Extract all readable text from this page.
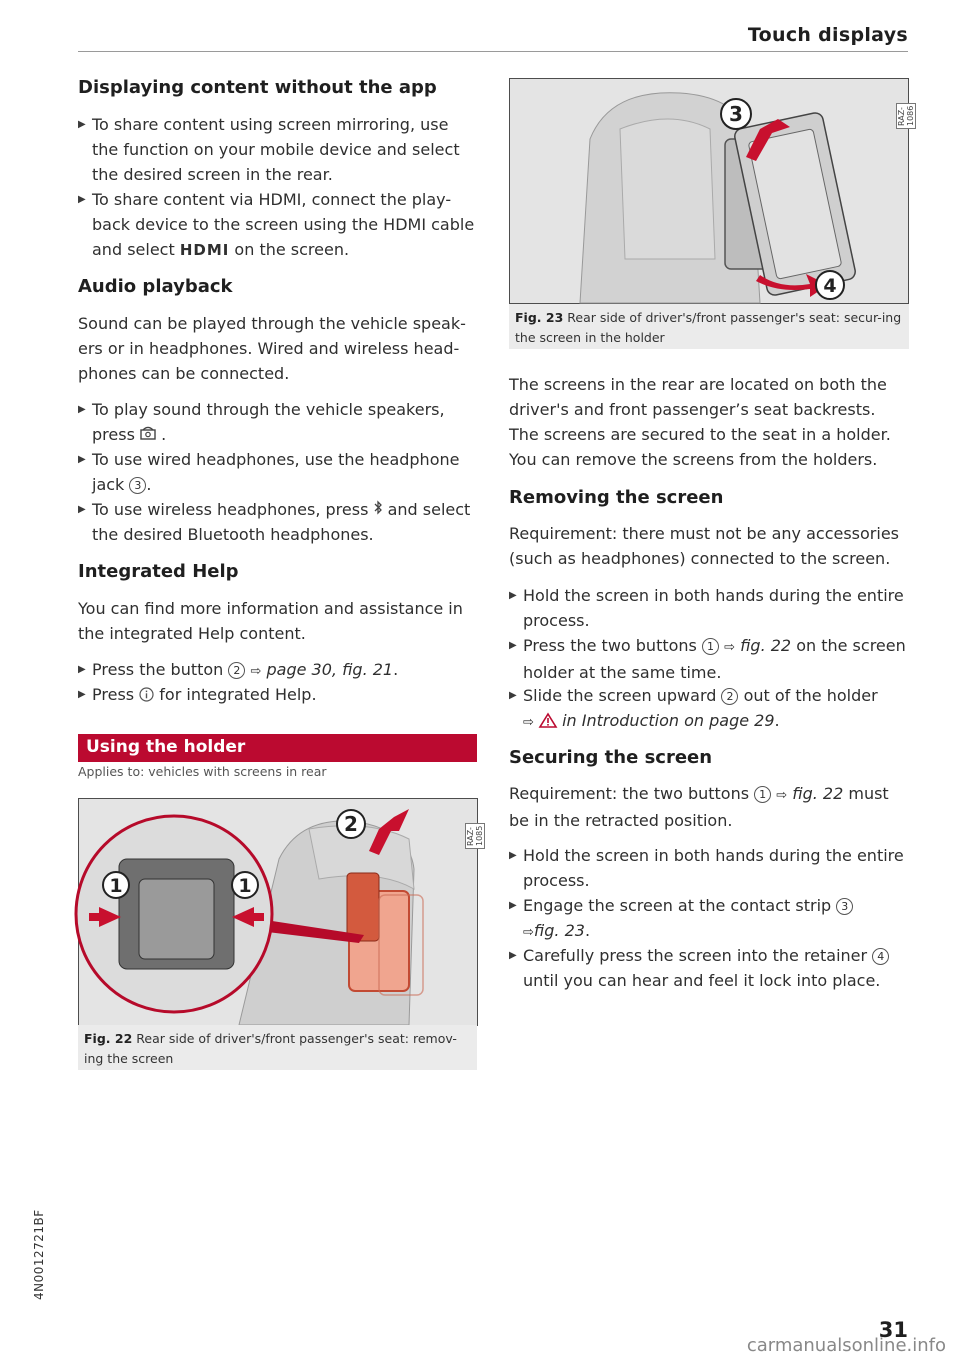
Touch displays
Displaying content without the app

▶ To share content using screen mirroring, use the function on your mobile device and select the desired screen in the rear.

▶ To share content via HDMI, connect the play-back device to the screen using the HDMI cable and select HDMI on the screen.

Audio playback

Sound can be played through the vehicle speak-ers or in headphones. Wired and wireless head-phones can be connected.

▶ To play sound through the vehicle speakers, press .

▶ To use wired headphones, use the headphone jack 3 .

▶ To use wireless headphones, press  and select the desired Bluetooth headphones.

Integrated Help

You can find more information and assistance in the integrated Help content.

▶ Press the button 2 ⇨ page 30, fig. 21.

▶ Press  for integrated Help.

Using the holder
Applies to: vehicles with screens in rear
2
1	1
RAZ-1085
Fig. 22 Rear side of driver's/front passenger's seat: remov-ing the screen
3
4
RAZ-1086
Fig. 23 Rear side of driver's/front passenger's seat: secur-ing the screen in the holder

The screens in the rear are located on both the driver's and front passenger’s seat backrests. The screens are secured to the seat in a holder. You can remove the screens from the holders.

Removing the screen

Requirement: there must not be any accessories (such as headphones) connected to the screen.

▶ Hold the screen in both hands during the entire process.

▶ Press the two buttons 1 ⇨ fig. 22 on the screen holder at the same time.

▶ Slide the screen upward 2 out of the holder
⇨ in Introduction on page 29.

Securing the screen

Requirement: the two buttons 1 ⇨ fig. 22 must be in the retracted position.

▶ Hold the screen in both hands during the entire process.

▶ Engage the screen at the contact strip 3
⇨fig. 23.

▶ Carefully press the screen into the retainer 4 until you can hear and feel it lock into place.

4N0012721BF
31
carmanualsonline.info
